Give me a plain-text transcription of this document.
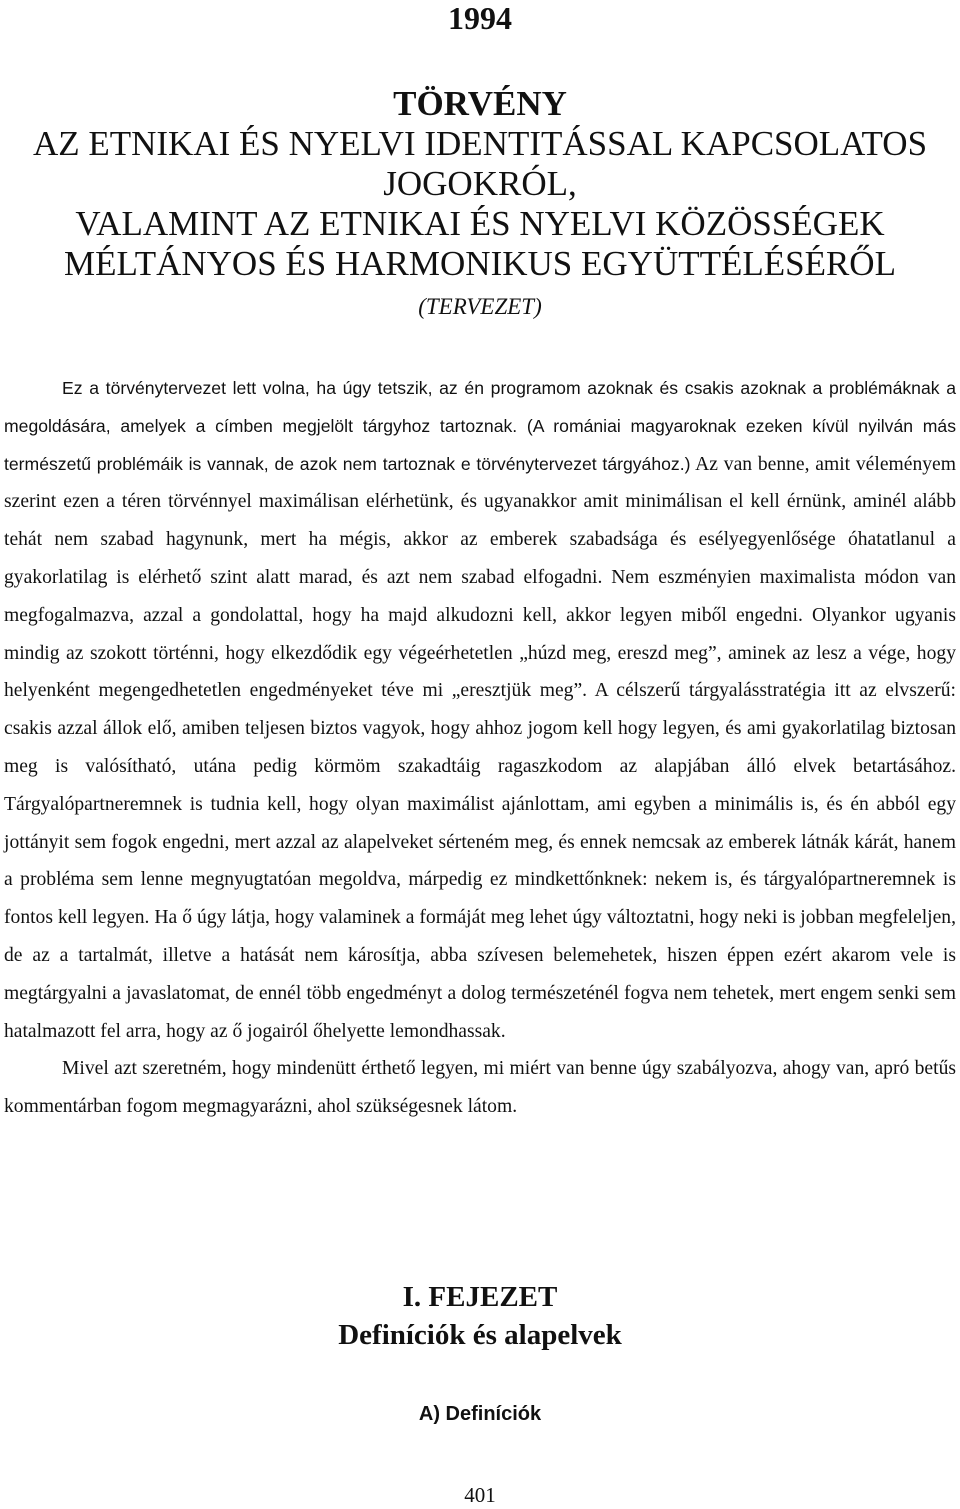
1994
TÖRVÉNY
AZ ETNIKAI ÉS NYELVI IDENTITÁSSAL KAPCSOLATOS
JOGOKRÓL,
VALAMINT AZ ETNIKAI ÉS NYELVI KÖZÖSSÉGEK
MÉLTÁNYOS ÉS HARMONIKUS EGYÜTTÉLÉSÉRŐL
(TERVEZET)

Ez a törvénytervezet lett volna, ha úgy tetszik, az én programom azoknak és csakis azoknak a problémáknak a megoldására, amelyek a címben megjelölt tárgyhoz tartoznak. (A romániai magyaroknak ezeken kívül nyilván más természetű problémáik is vannak, de azok nem tartoznak e törvénytervezet tárgyához.) Az van benne, amit véleményem szerint ezen a téren törvénnyel maximálisan elérhetünk, és ugyanakkor amit minimálisan el kell érnünk, aminél alább tehát nem szabad hagynunk, mert ha mégis, akkor az emberek szabadsága és esélyegyenlősége óhatatlanul a gyakorlatilag is elérhető szint alatt marad, és azt nem szabad elfogadni. Nem eszményien maximalista módon van megfogalmazva, azzal a gondolattal, hogy ha majd alkudozni kell, akkor legyen miből engedni. Olyankor ugyanis mindig az szokott történni, hogy elkezdődik egy végeérhetetlen „húzd meg, ereszd meg”, aminek az lesz a vége, hogy helyenként megengedhetetlen engedményeket téve mi „eresztjük meg”. A célszerű tárgyalásstratégia itt az elvszerű: csakis azzal állok elő, amiben teljesen biztos vagyok, hogy ahhoz jogom kell hogy legyen, és ami gyakorlatilag biztosan meg is valósítható, utána pedig körmöm szakadtáig ragaszkodom az alapjában álló elvek betartásához. Tárgyalópartneremnek is tudnia kell, hogy olyan maximálist ajánlottam, ami egyben a minimális is, és én abból egy jottányit sem fogok engedni, mert azzal az alapelveket sérteném meg, és ennek nemcsak az emberek látnák kárát, hanem a probléma sem lenne megnyugtatóan megoldva, márpedig ez mindkettőnknek: nekem is, és tárgyalópartneremnek is fontos kell legyen. Ha ő úgy látja, hogy valaminek a formáját meg lehet úgy változtatni, hogy neki is jobban megfeleljen, de az a tartalmát, illetve a hatását nem károsítja, abba szívesen belemehetek, hiszen éppen ezért akarom vele is megtárgyalni a javaslatomat, de ennél több engedményt a dolog természeténél fogva nem tehetek, mert engem senki sem hatalmazott fel arra, hogy az ő jogairól őhelyette lemondhassak.

Mivel azt szeretném, hogy mindenütt érthető legyen, mi miért van benne úgy szabályozva, ahogy van, apró betűs kommentárban fogom megmagyarázni, ahol szükségesnek látom.

I. FEJEZET
Definíciók és alapelvek
A) Definíciók
401
